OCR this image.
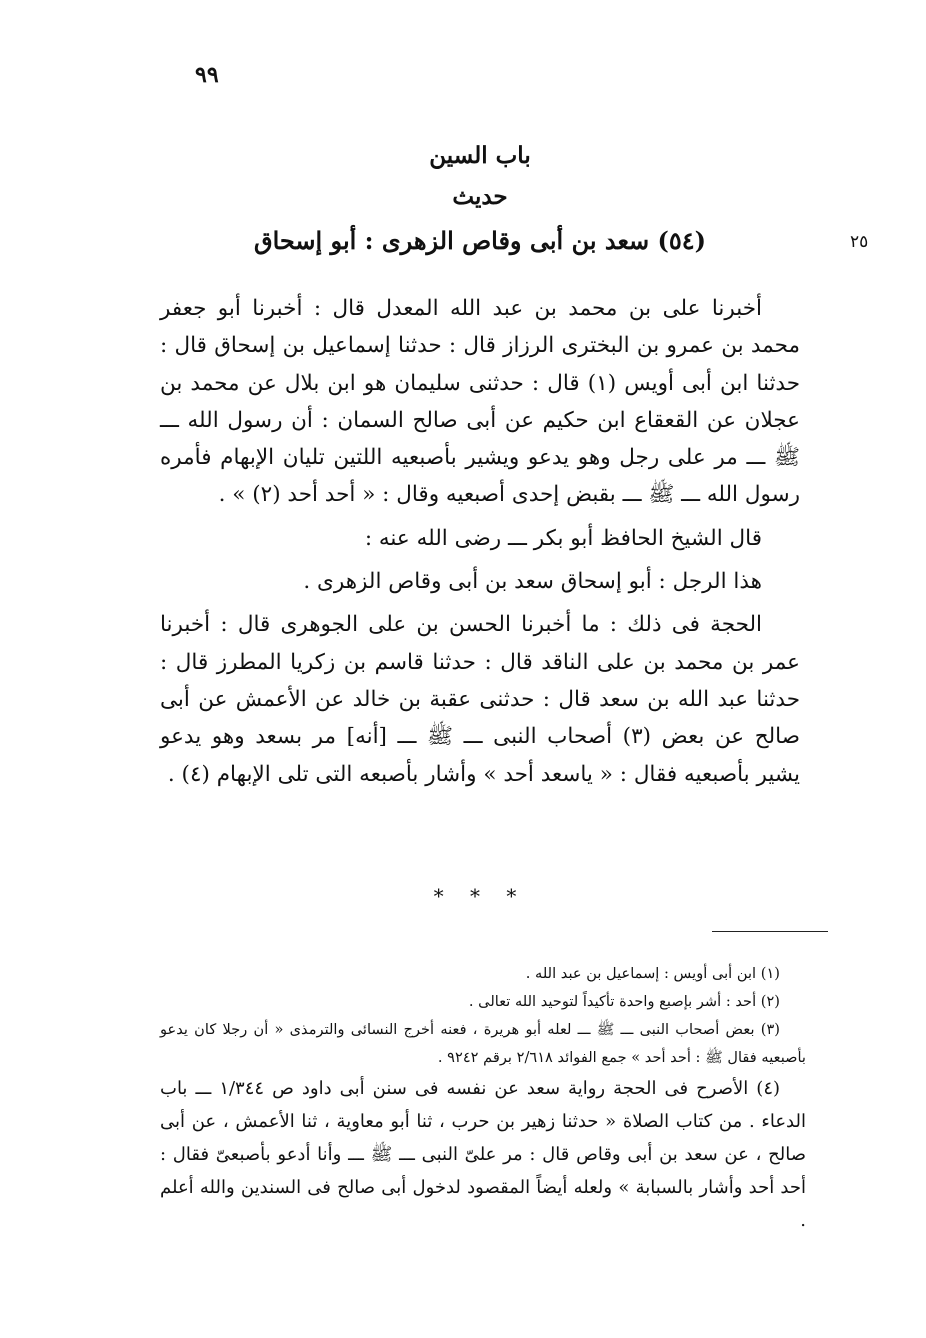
٩٩
٢٥
باب السين
حديث
(٥٤) سعد بن أبى وقاص الزهرى : أبو إسحاق

أخبرنا على بن محمد بن عبد الله المعدل قال : أخبرنا أبو جعفر محمد بن عمرو بن البخترى الرزاز قال : حدثنا إسماعيل بن إسحاق قال : حدثنا ابن أبى أويس (١) قال : حدثنى سليمان هو ابن بلال عن محمد بن عجلان عن القعقاع ابن حكيم عن أبى صالح السمان : أن رسول الله ـــ ﷺ ـــ مر على رجل وهو يدعو ويشير بأصبعيه اللتين تليان الإبهام فأمره رسول الله ـــ ﷺ ـــ بقبض إحدى أصبعيه وقال : « أحد أحد (٢) » .

قال الشيخ الحافظ أبو بكر ـــ رضى الله عنه :

هذا الرجل : أبو إسحاق سعد بن أبى وقاص الزهرى .

الحجة فى ذلك : ما أخبرنا الحسن بن على الجوهرى قال : أخبرنا عمر بن محمد بن على الناقد قال : حدثنا قاسم بن زكريا المطرز قال : حدثنا عبد الله بن سعد قال : حدثنى عقبة بن خالد عن الأعمش عن أبى صالح عن بعض (٣) أصحاب النبى ـــ ﷺ ـــ [أنه] مر بسعد وهو يدعو يشير بأصبعيه فقال : « ياسعد أحد » وأشار بأصبعه التى تلى الإبهام (٤) .

* * *

(١) ابن أبى أويس : إسماعيل بن عبد الله .

(٢) أحد : أشر بإصبع واحدة تأكيداً لتوحيد الله تعالى .

(٣) بعض أصحاب النبى ـــ ﷺ ـــ لعله أبو هريرة ، فعنه أخرج النسائى والترمذى « أن رجلا كان يدعو بأصبعيه فقال ﷺ : أحد أحد » جمع الفوائد ٢/٦١٨ برقم ٩٢٤٢ .

(٤) الأصرح فى الحجة رواية سعد عن نفسه فى سنن أبى داود ص ١/٣٤٤ ـــ باب الدعاء . من كتاب الصلاة « حدثنا زهير بن حرب ، ثنا أبو معاوية ، ثنا الأعمش ، عن أبى صالح ، عن سعد بن أبى وقاص قال : مر علىّ النبى ـــ ﷺ ـــ وأنا أدعو بأصبعىّ فقال : أحد أحد وأشار بالسبابة » ولعله أيضاً المقصود لدخول أبى صالح فى السندين والله أعلم .
